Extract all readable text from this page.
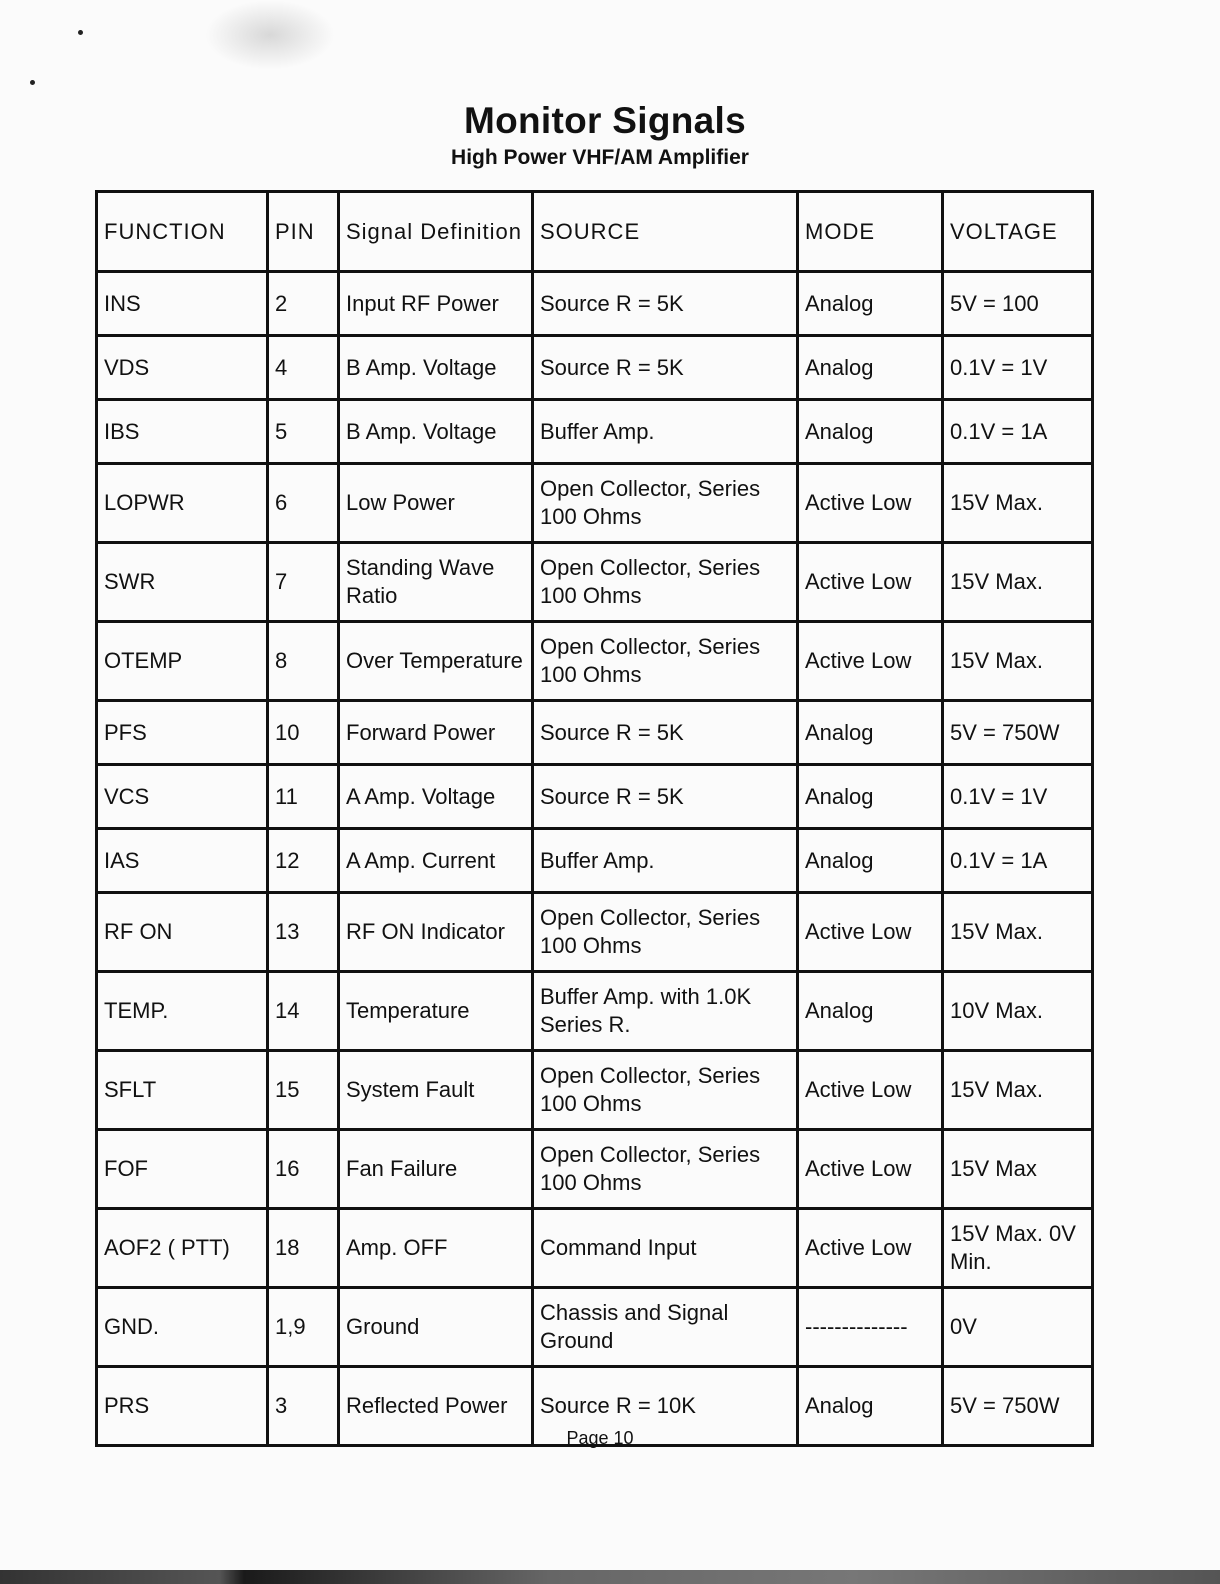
Monitor Signals
High Power VHF/AM Amplifier
FUNCTION	PIN	Signal Definition	SOURCE	MODE	VOLTAGE
INS	2	Input RF Power	Source R = 5K	Analog	5V = 100
VDS	4	B Amp. Voltage	Source R = 5K	Analog	0.1V = 1V
IBS	5	B Amp. Voltage	Buffer Amp.	Analog	0.1V = 1A
LOPWR	6	Low Power	Open Collector, Series 100 Ohms	Active Low	15V Max.
SWR	7	Standing Wave Ratio	Open Collector, Series 100 Ohms	Active Low	15V Max.
OTEMP	8	Over Temperature	Open Collector, Series 100 Ohms	Active Low	15V Max.
PFS	10	Forward Power	Source R = 5K	Analog	5V = 750W
VCS	11	A Amp. Voltage	Source R = 5K	Analog	0.1V = 1V
IAS	12	A Amp. Current	Buffer Amp.	Analog	0.1V = 1A
RF ON	13	RF ON Indicator	Open Collector, Series 100 Ohms	Active Low	15V Max.
TEMP.	14	Temperature	Buffer Amp. with 1.0K Series R.	Analog	10V Max.
SFLT	15	System Fault	Open Collector, Series 100 Ohms	Active Low	15V Max.
FOF	16	Fan Failure	Open Collector, Series 100 Ohms	Active Low	15V Max
AOF2 ( PTT)	18	Amp. OFF	Command Input	Active Low	15V Max. 0V Min.
GND.	1,9	Ground	Chassis and Signal Ground	--------------	0V
PRS	3	Reflected Power	Source R = 10K	Analog	5V = 750W
Page 10
